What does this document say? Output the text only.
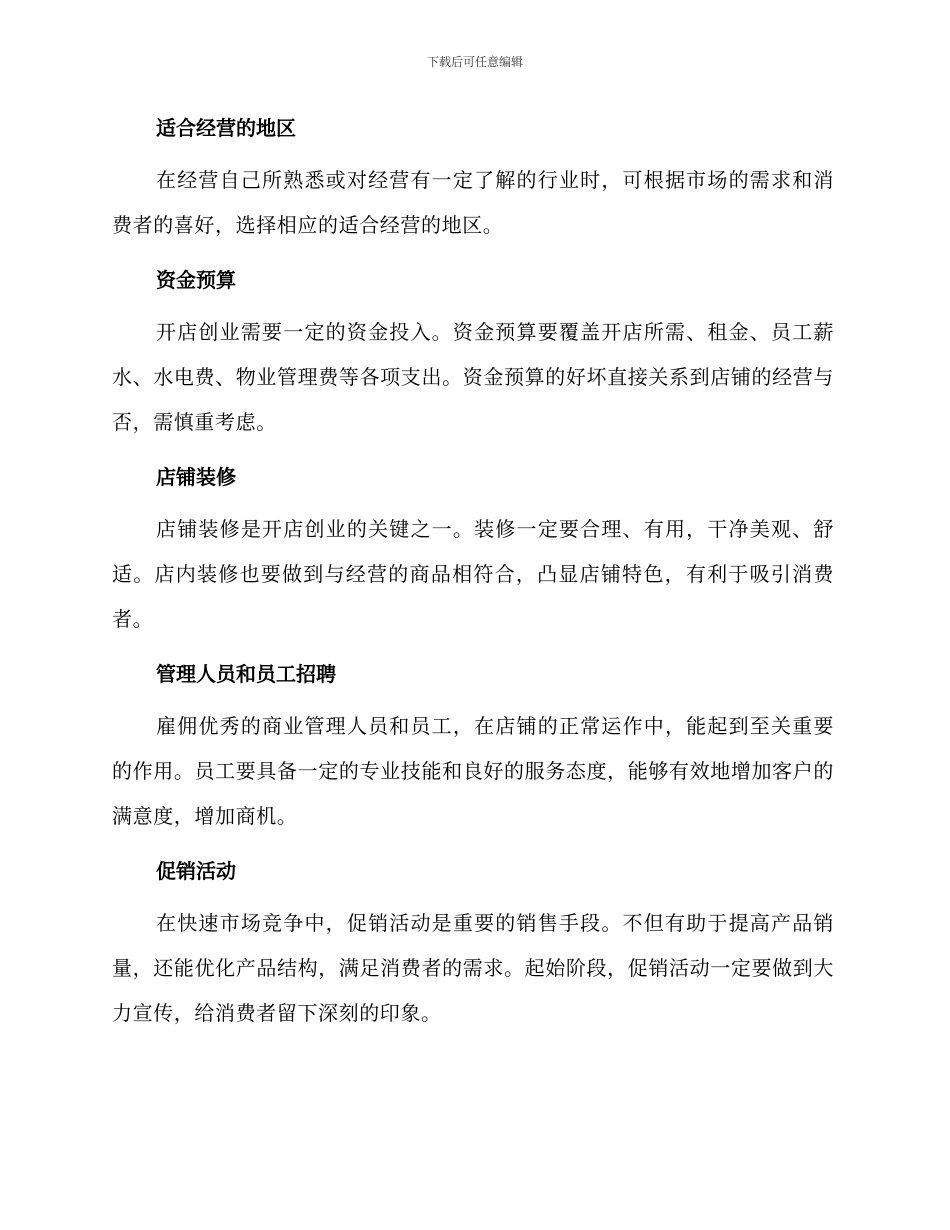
下载后可任意编辑
适合经营的地区

在经营自己所熟悉或对经营有一定了解的行业时，可根据市场的需求和消费者的喜好，选择相应的适合经营的地区。

资金预算

开店创业需要一定的资金投入。资金预算要覆盖开店所需、租金、员工薪水、水电费、物业管理费等各项支出。资金预算的好坏直接关系到店铺的经营与否，需慎重考虑。

店铺装修

店铺装修是开店创业的关键之一。装修一定要合理、有用，干净美观、舒适。店内装修也要做到与经营的商品相符合，凸显店铺特色，有利于吸引消费者。

管理人员和员工招聘

雇佣优秀的商业管理人员和员工，在店铺的正常运作中，能起到至关重要的作用。员工要具备一定的专业技能和良好的服务态度，能够有效地增加客户的满意度，增加商机。

促销活动

在快速市场竞争中，促销活动是重要的销售手段。不但有助于提高产品销量，还能优化产品结构，满足消费者的需求。起始阶段，促销活动一定要做到大力宣传，给消费者留下深刻的印象。
